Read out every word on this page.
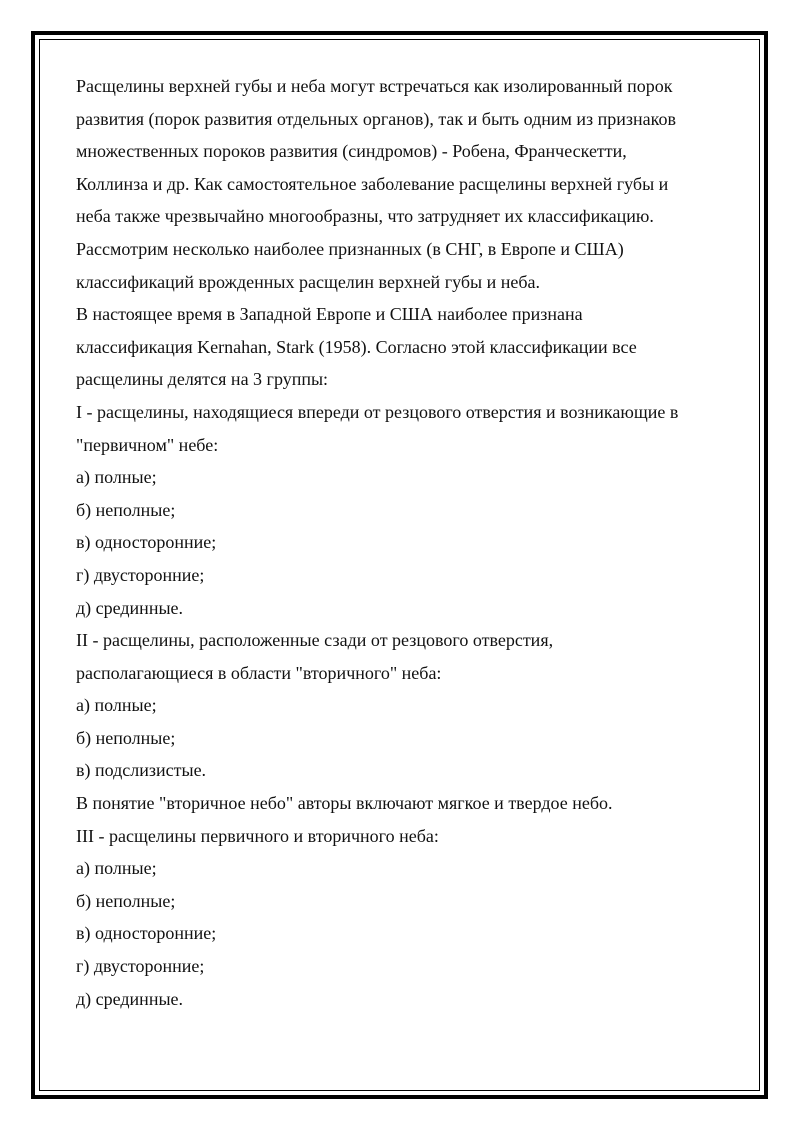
Расщелины верхней губы и неба могут встречаться как изолированный порок
развития (порок развития отдельных органов), так и быть одним из признаков
множественных пороков развития (синдромов) - Робена, Франческетти,
Коллинза и др. Как самостоятельное заболевание расщелины верхней губы и
неба также чрезвычайно многообразны, что затрудняет их классификацию.
Рассмотрим несколько наиболее признанных (в СНГ, в Европе и США)
классификаций врожденных расщелин верхней губы и неба.
В настоящее время в Западной Европе и США наиболее признана
классификация Kernahan, Stark (1958). Согласно этой классификации все
расщелины делятся на 3 группы:
I - расщелины, находящиеся впереди от резцового отверстия и возникающие в
"первичном" небе:
а) полные;
б) неполные;
в) односторонние;
г) двусторонние;
д) срединные.
II - расщелины, расположенные сзади от резцового отверстия,
располагающиеся в области "вторичного" неба:
а) полные;
б) неполные;
в) подслизистые.
В понятие "вторичное небо" авторы включают мягкое и твердое небо.
III - расщелины первичного и вторичного неба:
а) полные;
б) неполные;
в) односторонние;
г) двусторонние;
д) срединные.
